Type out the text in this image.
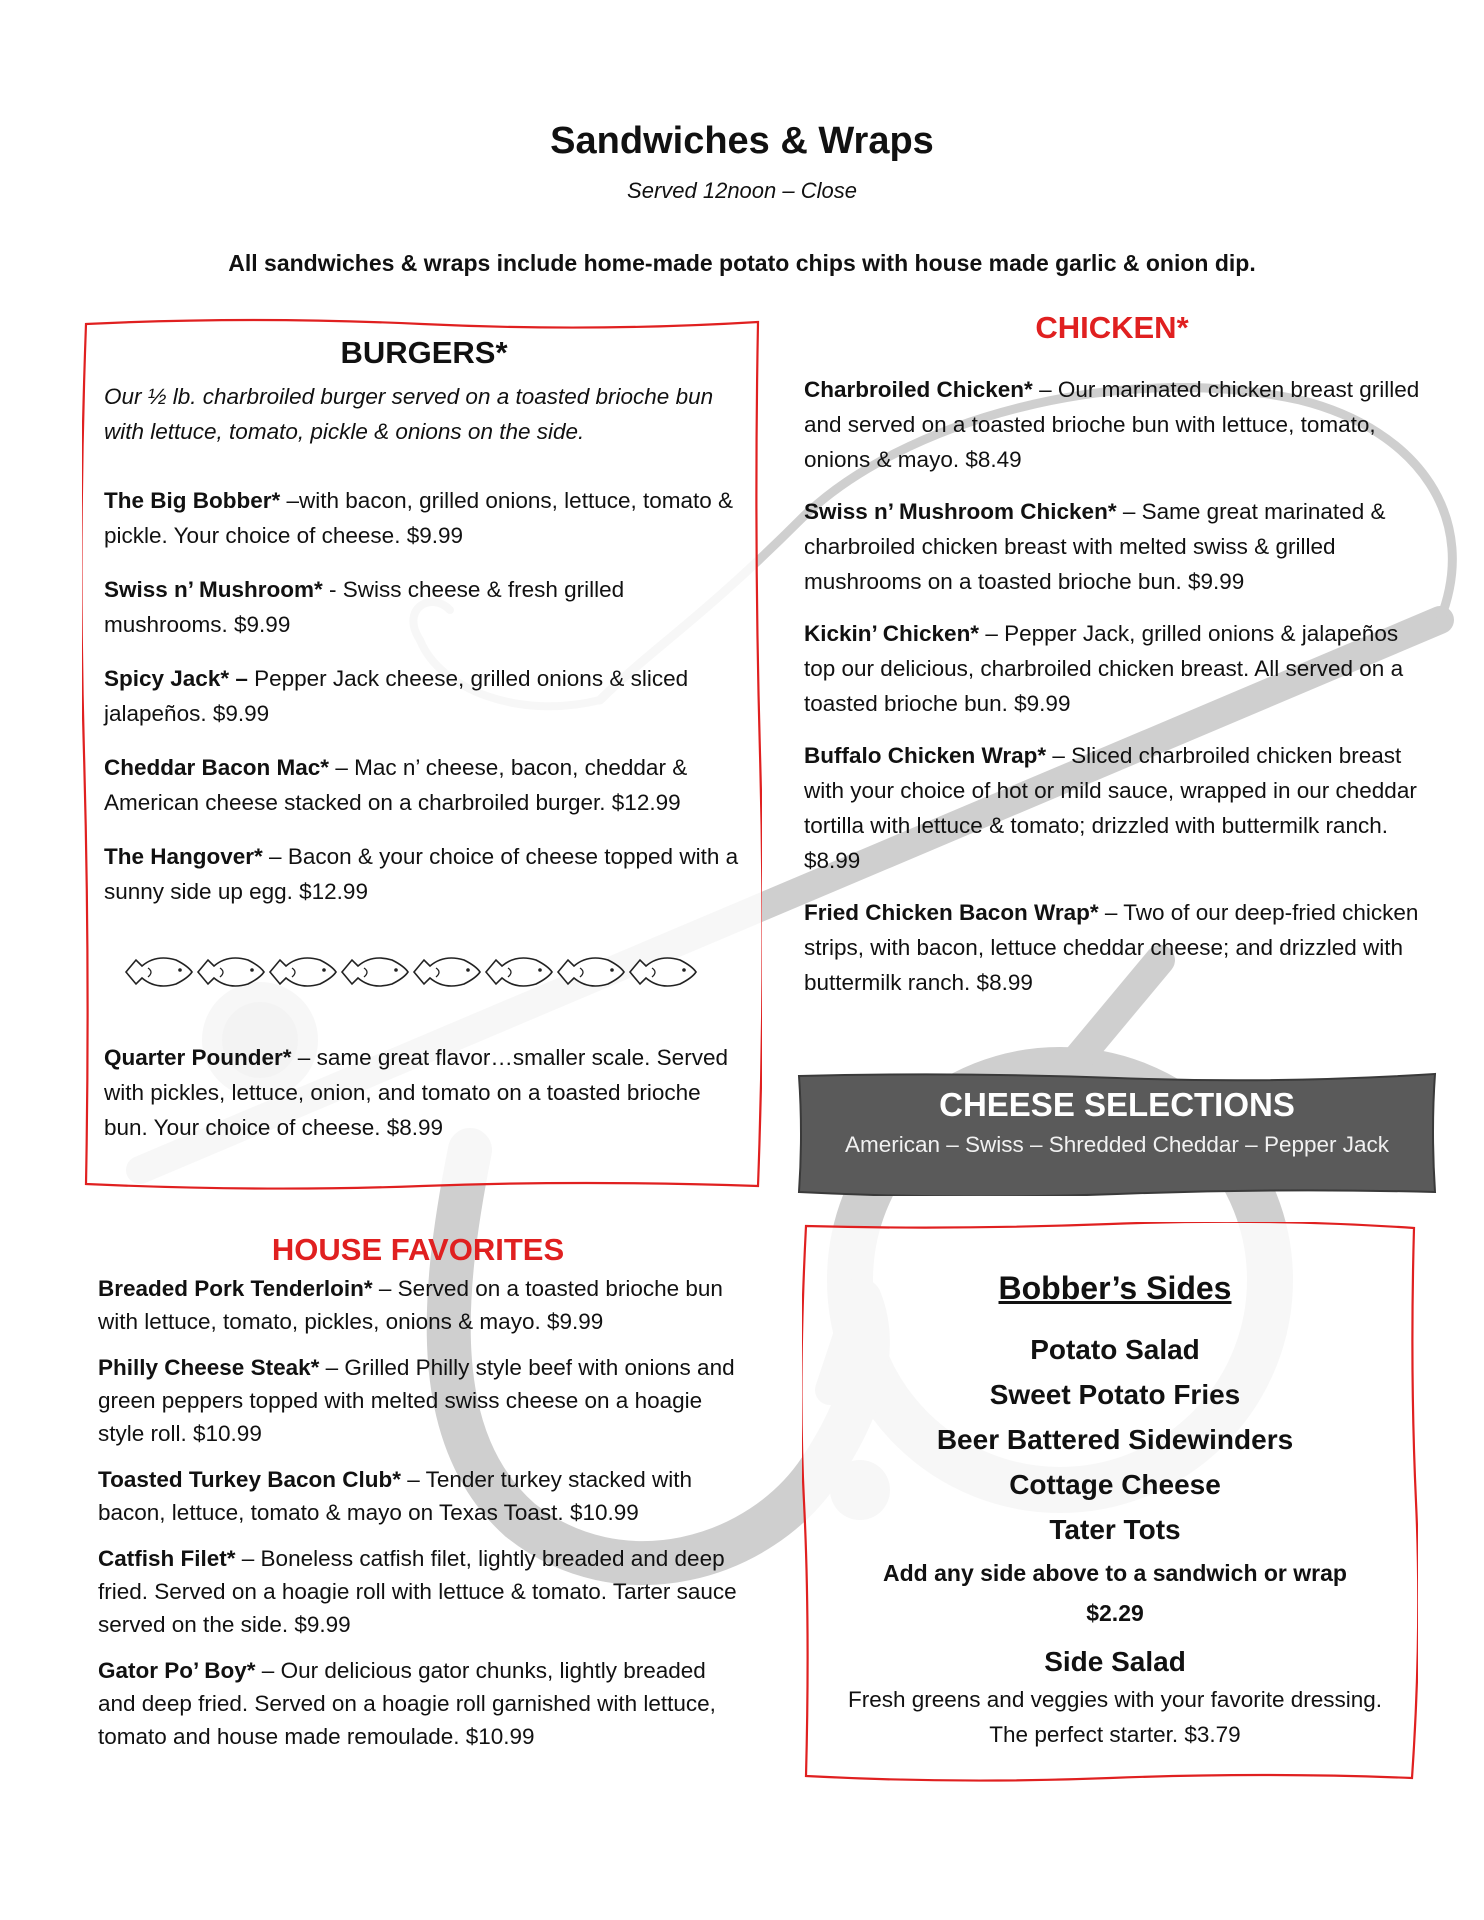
Sandwiches & Wraps
Served 12noon – Close
All sandwiches & wraps include home-made potato chips with house made garlic & onion dip.
BURGERS*
Our ½ lb. charbroiled burger served on a toasted brioche bun with lettuce, tomato, pickle & onions on the side.
The Big Bobber* –with bacon, grilled onions, lettuce, tomato & pickle. Your choice of cheese. $9.99
Swiss n’ Mushroom* - Swiss cheese & fresh grilled mushrooms. $9.99
Spicy Jack* – Pepper Jack cheese, grilled onions & sliced jalapeños. $9.99
Cheddar Bacon Mac* – Mac n’ cheese, bacon, cheddar & American cheese stacked on a charbroiled burger. $12.99
The Hangover* – Bacon & your choice of cheese topped with a sunny side up egg. $12.99
Quarter Pounder* – same great flavor…smaller scale. Served with pickles, lettuce, onion, and tomato on a toasted brioche bun. Your choice of cheese. $8.99
CHICKEN*
Charbroiled Chicken* – Our marinated chicken breast grilled and served on a toasted brioche bun with lettuce, tomato, onions & mayo. $8.49
Swiss n’ Mushroom Chicken* – Same great marinated & charbroiled chicken breast with melted swiss & grilled mushrooms on a toasted brioche bun. $9.99
Kickin’ Chicken* – Pepper Jack, grilled onions & jalapeños top our delicious, charbroiled chicken breast. All served on a toasted brioche bun. $9.99
Buffalo Chicken Wrap* – Sliced charbroiled chicken breast with your choice of hot or mild sauce, wrapped in our cheddar tortilla with lettuce & tomato; drizzled with buttermilk ranch. $8.99
Fried Chicken Bacon Wrap* – Two of our deep-fried chicken strips, with bacon, lettuce cheddar cheese; and drizzled with buttermilk ranch. $8.99
CHEESE SELECTIONS
American – Swiss – Shredded Cheddar – Pepper Jack
HOUSE FAVORITES
Breaded Pork Tenderloin* – Served on a toasted brioche bun with lettuce, tomato, pickles, onions & mayo. $9.99
Philly Cheese Steak* – Grilled Philly style beef with onions and green peppers topped with melted swiss cheese on a hoagie style roll. $10.99
Toasted Turkey Bacon Club* – Tender turkey stacked with bacon, lettuce, tomato & mayo on Texas Toast. $10.99
Catfish Filet* – Boneless catfish filet, lightly breaded and deep fried. Served on a hoagie roll with lettuce & tomato. Tarter sauce served on the side. $9.99
Gator Po’ Boy* – Our delicious gator chunks, lightly breaded and deep fried. Served on a hoagie roll garnished with lettuce, tomato and house made remoulade. $10.99
Bobber’s Sides
Potato Salad
Sweet Potato Fries
Beer Battered Sidewinders
Cottage Cheese
Tater Tots
Add any side above to a sandwich or wrap
$2.29
Side Salad
Fresh greens and veggies with your favorite dressing. The perfect starter. $3.79
